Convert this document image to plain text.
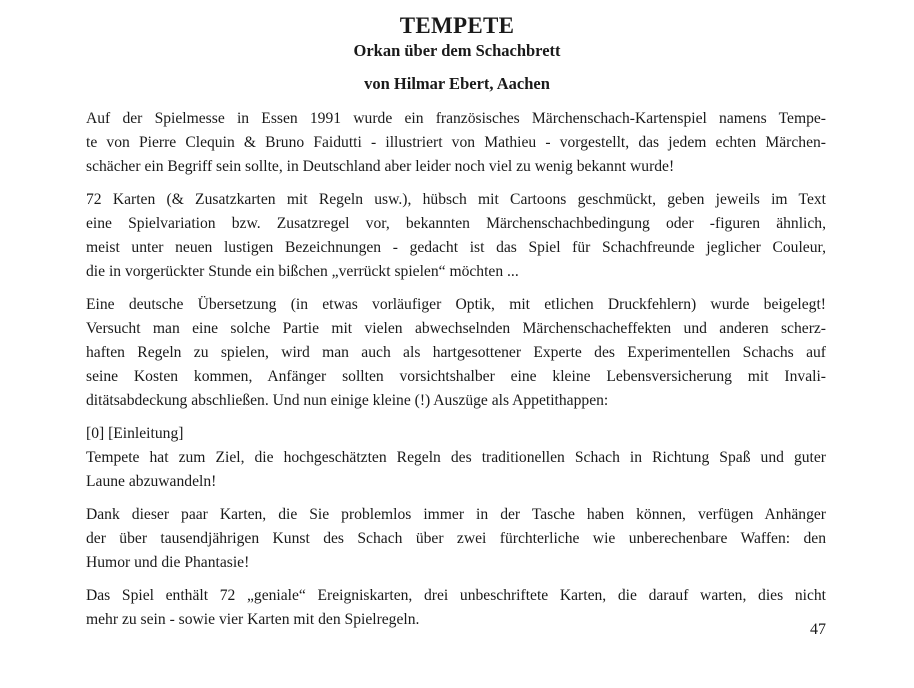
TEMPETE
Orkan über dem Schachbrett
von Hilmar Ebert, Aachen

Auf der Spielmesse in Essen 1991 wurde ein französisches Märchenschach-Kartenspiel namens Tempe-
te von Pierre Clequin & Bruno Faidutti - illustriert von Mathieu - vorgestellt, das jedem echten Märchen-
schächer ein Begriff sein sollte, in Deutschland aber leider noch viel zu wenig bekannt wurde!

72 Karten (& Zusatzkarten mit Regeln usw.), hübsch mit Cartoons geschmückt, geben jeweils im Text
eine Spielvariation bzw. Zusatzregel vor, bekannten Märchenschachbedingung oder -figuren ähnlich,
meist unter neuen lustigen Bezeichnungen - gedacht ist das Spiel für Schachfreunde jeglicher Couleur,
die in vorgerückter Stunde ein bißchen „verrückt spielen“ möchten ...

Eine deutsche Übersetzung (in etwas vorläufiger Optik, mit etlichen Druckfehlern) wurde beigelegt!
Versucht man eine solche Partie mit vielen abwechselnden Märchenschacheffekten und anderen scherz-
haften Regeln zu spielen, wird man auch als hartgesottener Experte des Experimentellen Schachs auf
seine Kosten kommen, Anfänger sollten vorsichtshalber eine kleine Lebensversicherung mit Invali-
ditätsabdeckung abschließen. Und nun einige kleine (!) Auszüge als Appetithappen:

[0] [Einleitung]
Tempete hat zum Ziel, die hochgeschätzten Regeln des traditionellen Schach in Richtung Spaß und guter
Laune abzuwandeln!

Dank dieser paar Karten, die Sie problemlos immer in der Tasche haben können, verfügen Anhänger
der über tausendjährigen Kunst des Schach über zwei fürchterliche wie unberechenbare Waffen: den
Humor und die Phantasie!

Das Spiel enthält 72 „geniale“ Ereigniskarten, drei unbeschriftete Karten, die darauf warten, dies nicht
mehr zu sein - sowie vier Karten mit den Spielregeln.

47
